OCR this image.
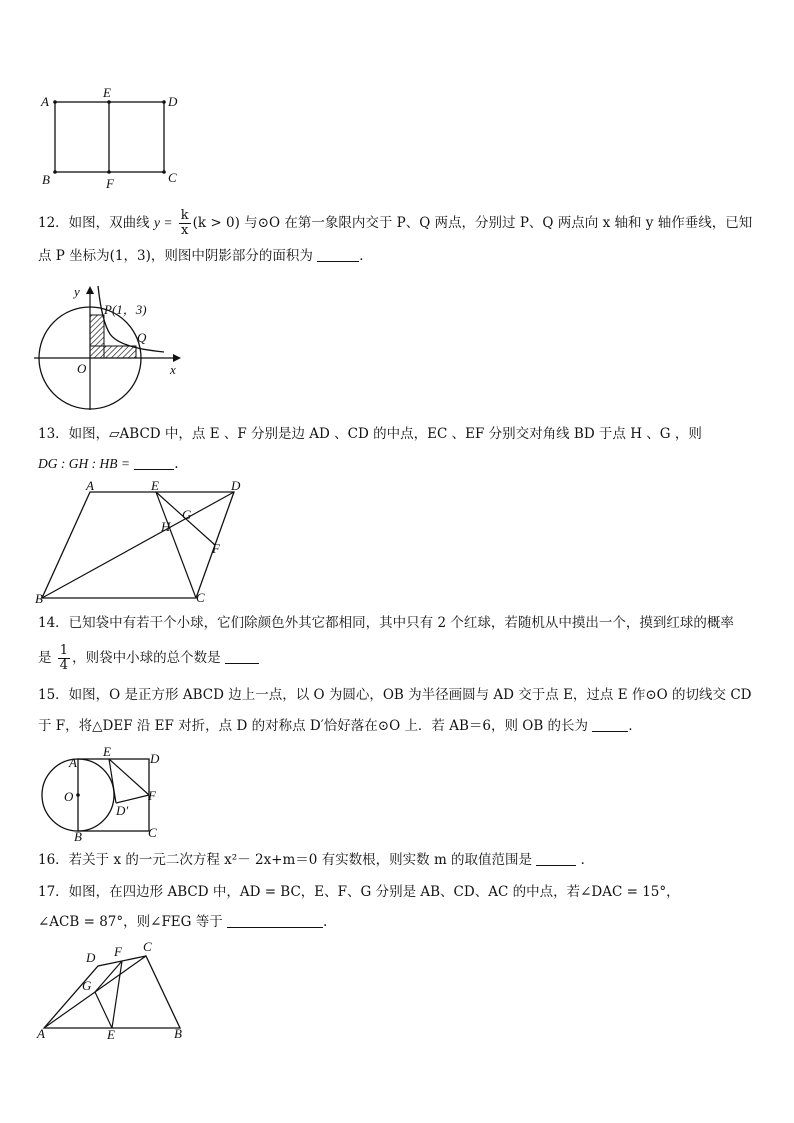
A
E
D
B	F	C
12．如图，双曲线 $y = \frac{k}{x} (k > 0)$ 与⊙O 在第一象限内交于 P、Q 两点，分别过 P、Q 两点向 x 轴和 y 轴作垂线，已知
点 P 坐标为(1，3)，则图中阴影部分的面积为	．
y
x
O
P(1，3)
Q
13．如图，▱ABCD 中，点 E 、F 分别是边 AD 、CD 的中点，EC 、EF 分别交对角线 BD 于点 H 、G ，则
DG : GH : HB =	.
A	E	D
G
H
F
B	C
14．已知袋中有若干个小球，它们除颜色外其它都相同，其中只有 2 个红球，若随机从中摸出一个，摸到红球的概率
是 $\frac{1}{4}$ ，则袋中小球的总个数是
15．如图，O 是正方形 ABCD 边上一点，以 O 为圆心，OB 为半径画圆与 AD 交于点 E，过点 E 作⊙O 的切线交 CD
于 F，将△DEF 沿 EF 对折，点 D 的对称点 D′恰好落在⊙O 上．若 AB＝6，则 OB 的长为	．
A
E	D
O	F
D′
B	C
16．若关于 x 的一元二次方程 x²－ 2x+m＝0 有实数根，则实数 m 的取值范围是	．
17．如图，在四边形 ABCD 中，AD = BC，E、F、G 分别是 AB、CD、AC 的中点，若∠DAC = 15°，
∠ACB = 87°，则∠FEG 等于	.
D F C
G
A	E	B
